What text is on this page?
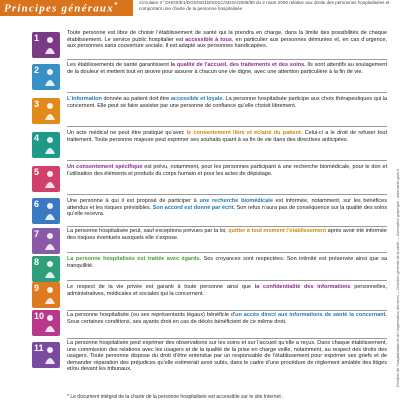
Principes généraux*	Circulaire n° DHOS/E1/DGS/SD1B/SD1C/SD4A/2006/90 du 2 mars 2006 relative aux droits des personnes hospitalisées et comportant une charte de la personne hospitalisée
1
2
3
4
5
6
7
8
9
10
11
Toute personne est libre de choisir l’établissement de santé qui la prendra en charge, dans la limite des possibilités de chaque établissement. Le service public hospitalier est accessible à tous, en particulier aux personnes démunies et, en cas d’urgence, aux personnes sans couverture sociale. Il est adapté aux personnes handicapées.
Les établissements de santé garantissent la qualité de l’accueil, des traitements et des soins. Ils sont attentifs au soulagement de la douleur et mettent tout en œuvre pour assurer à chacun une vie digne, avec une attention particulière à la fin de vie.
L’information donnée au patient doit être accessible et loyale. La personne hospitalisée participe aux choix thérapeutiques qui la concernent. Elle peut se faire assister par une personne de confiance qu’elle choisit librement.
Un acte médical ne peut être pratiqué qu’avec le consentement libre et éclairé du patient. Celui-ci a le droit de refuser tout traitement. Toute personne majeure peut exprimer ses souhaits quant à sa fin de vie dans des directives anticipées.
Un consentement spécifique est prévu, notamment, pour les personnes participant à une recherche biomédicale, pour le don et l’utilisation des éléments et produits du corps humain et pour les actes de dépistage.
Une personne à qui il est proposé de participer à une recherche biomédicale est informée, notamment, sur les bénéfices attendus et les risques prévisibles. Son accord est donné par écrit. Son refus n’aura pas de conséquence sur la qualité des soins qu’elle recevra.
La personne hospitalisée peut, sauf exceptions prévues par la loi, quitter à tout moment l’établissement après avoir été informée des risques éventuels auxquels elle s’expose.
La personne hospitalisée est traitée avec égards. Ses croyances sont respectées. Son intimité est préservée ainsi que sa tranquillité.
Le respect de la vie privée est garanti à toute personne ainsi que la confidentialité des informations personnelles, administratives, médicales et sociales qui la concernent.
La personne hospitalisée (ou ses représentants légaux) bénéficie d’un accès direct aux informations de santé la concernant. Sous certaines conditions, ses ayants droit en cas de décès bénéficient de ce même droit.
La personne hospitalisée peut exprimer des observations sur les soins et sur l’accueil qu’elle a reçus. Dans chaque établissement, une commission des relations avec les usagers et de la qualité de la prise en charge veille, notamment, au respect des droits des usagers. Toute personne dispose du droit d’être entendue par un responsable de l’établissement pour exprimer ses griefs et de demander réparation des préjudices qu’elle estimerait avoir subis, dans le cadre d’une procédure de règlement amiable des litiges et/ou devant les tribunaux.
* Le document intégral de la charte de la personne hospitalisée est accessible sur le site Internet :
Direction de l’hospitalisation et de l’organisation des soins — Direction générale de la santé — Conception graphique : www.sante.gouv.fr
